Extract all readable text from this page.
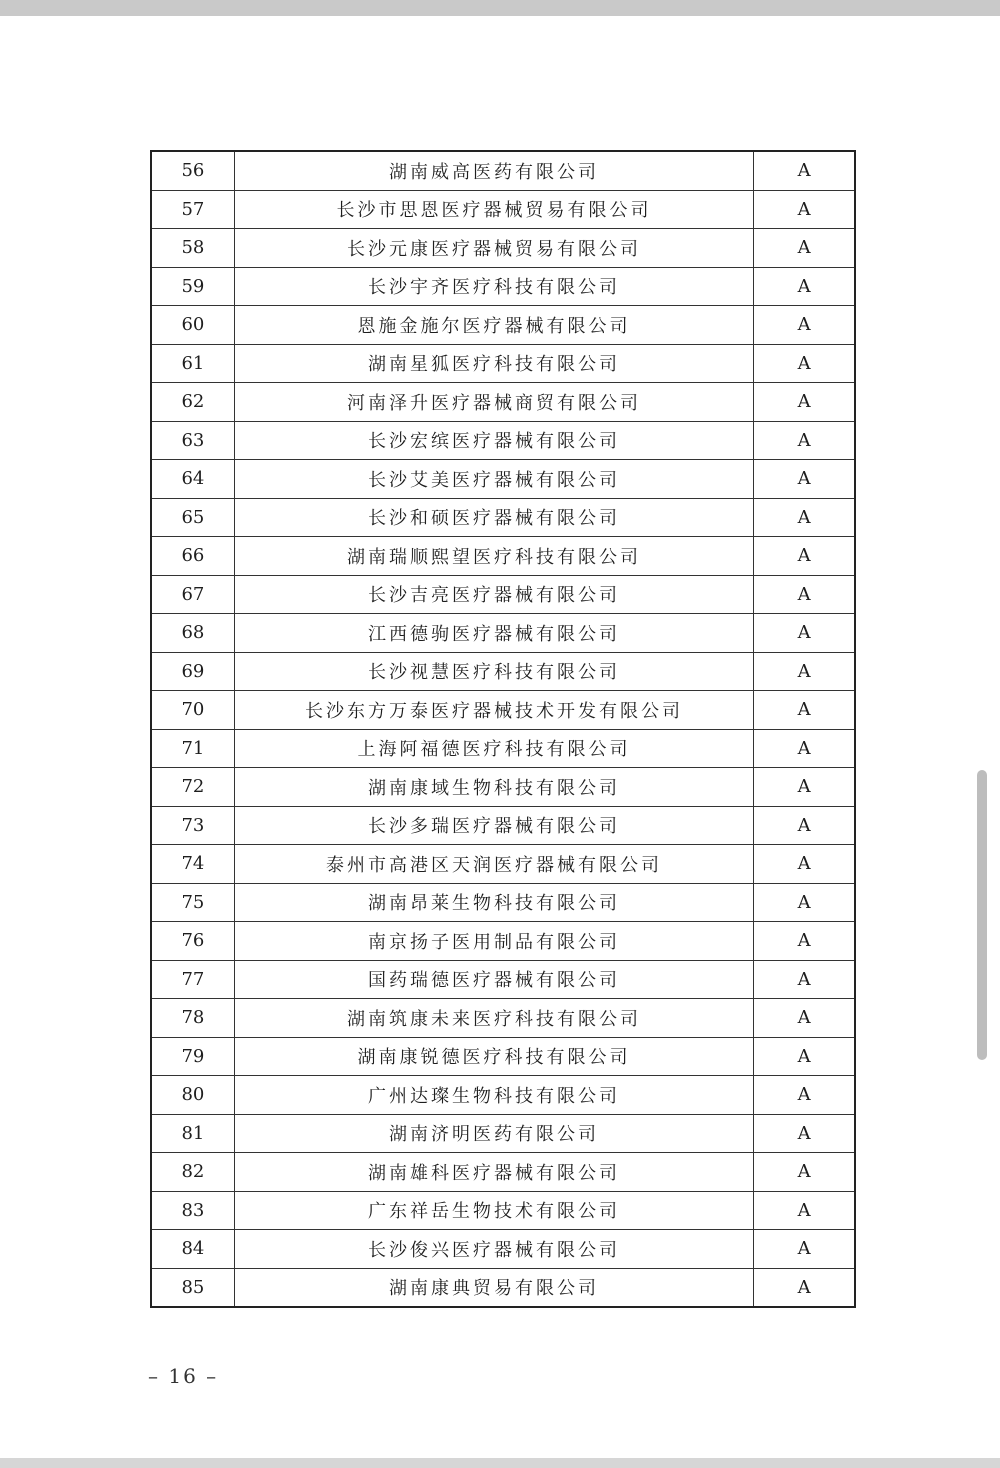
56	湖南威高医药有限公司	A
57	长沙市思恩医疗器械贸易有限公司	A
58	长沙元康医疗器械贸易有限公司	A
59	长沙宇齐医疗科技有限公司	A
60	恩施金施尔医疗器械有限公司	A
61	湖南星狐医疗科技有限公司	A
62	河南泽升医疗器械商贸有限公司	A
63	长沙宏缤医疗器械有限公司	A
64	长沙艾美医疗器械有限公司	A
65	长沙和硕医疗器械有限公司	A
66	湖南瑞顺熙望医疗科技有限公司	A
67	长沙吉亮医疗器械有限公司	A
68	江西德驹医疗器械有限公司	A
69	长沙视慧医疗科技有限公司	A
70	长沙东方万泰医疗器械技术开发有限公司	A
71	上海阿福德医疗科技有限公司	A
72	湖南康域生物科技有限公司	A
73	长沙多瑞医疗器械有限公司	A
74	泰州市高港区天润医疗器械有限公司	A
75	湖南昂莱生物科技有限公司	A
76	南京扬子医用制品有限公司	A
77	国药瑞德医疗器械有限公司	A
78	湖南筑康未来医疗科技有限公司	A
79	湖南康锐德医疗科技有限公司	A
80	广州达璨生物科技有限公司	A
81	湖南济明医药有限公司	A
82	湖南雄科医疗器械有限公司	A
83	广东祥岳生物技术有限公司	A
84	长沙俊兴医疗器械有限公司	A
85	湖南康典贸易有限公司	A
– 16 –
